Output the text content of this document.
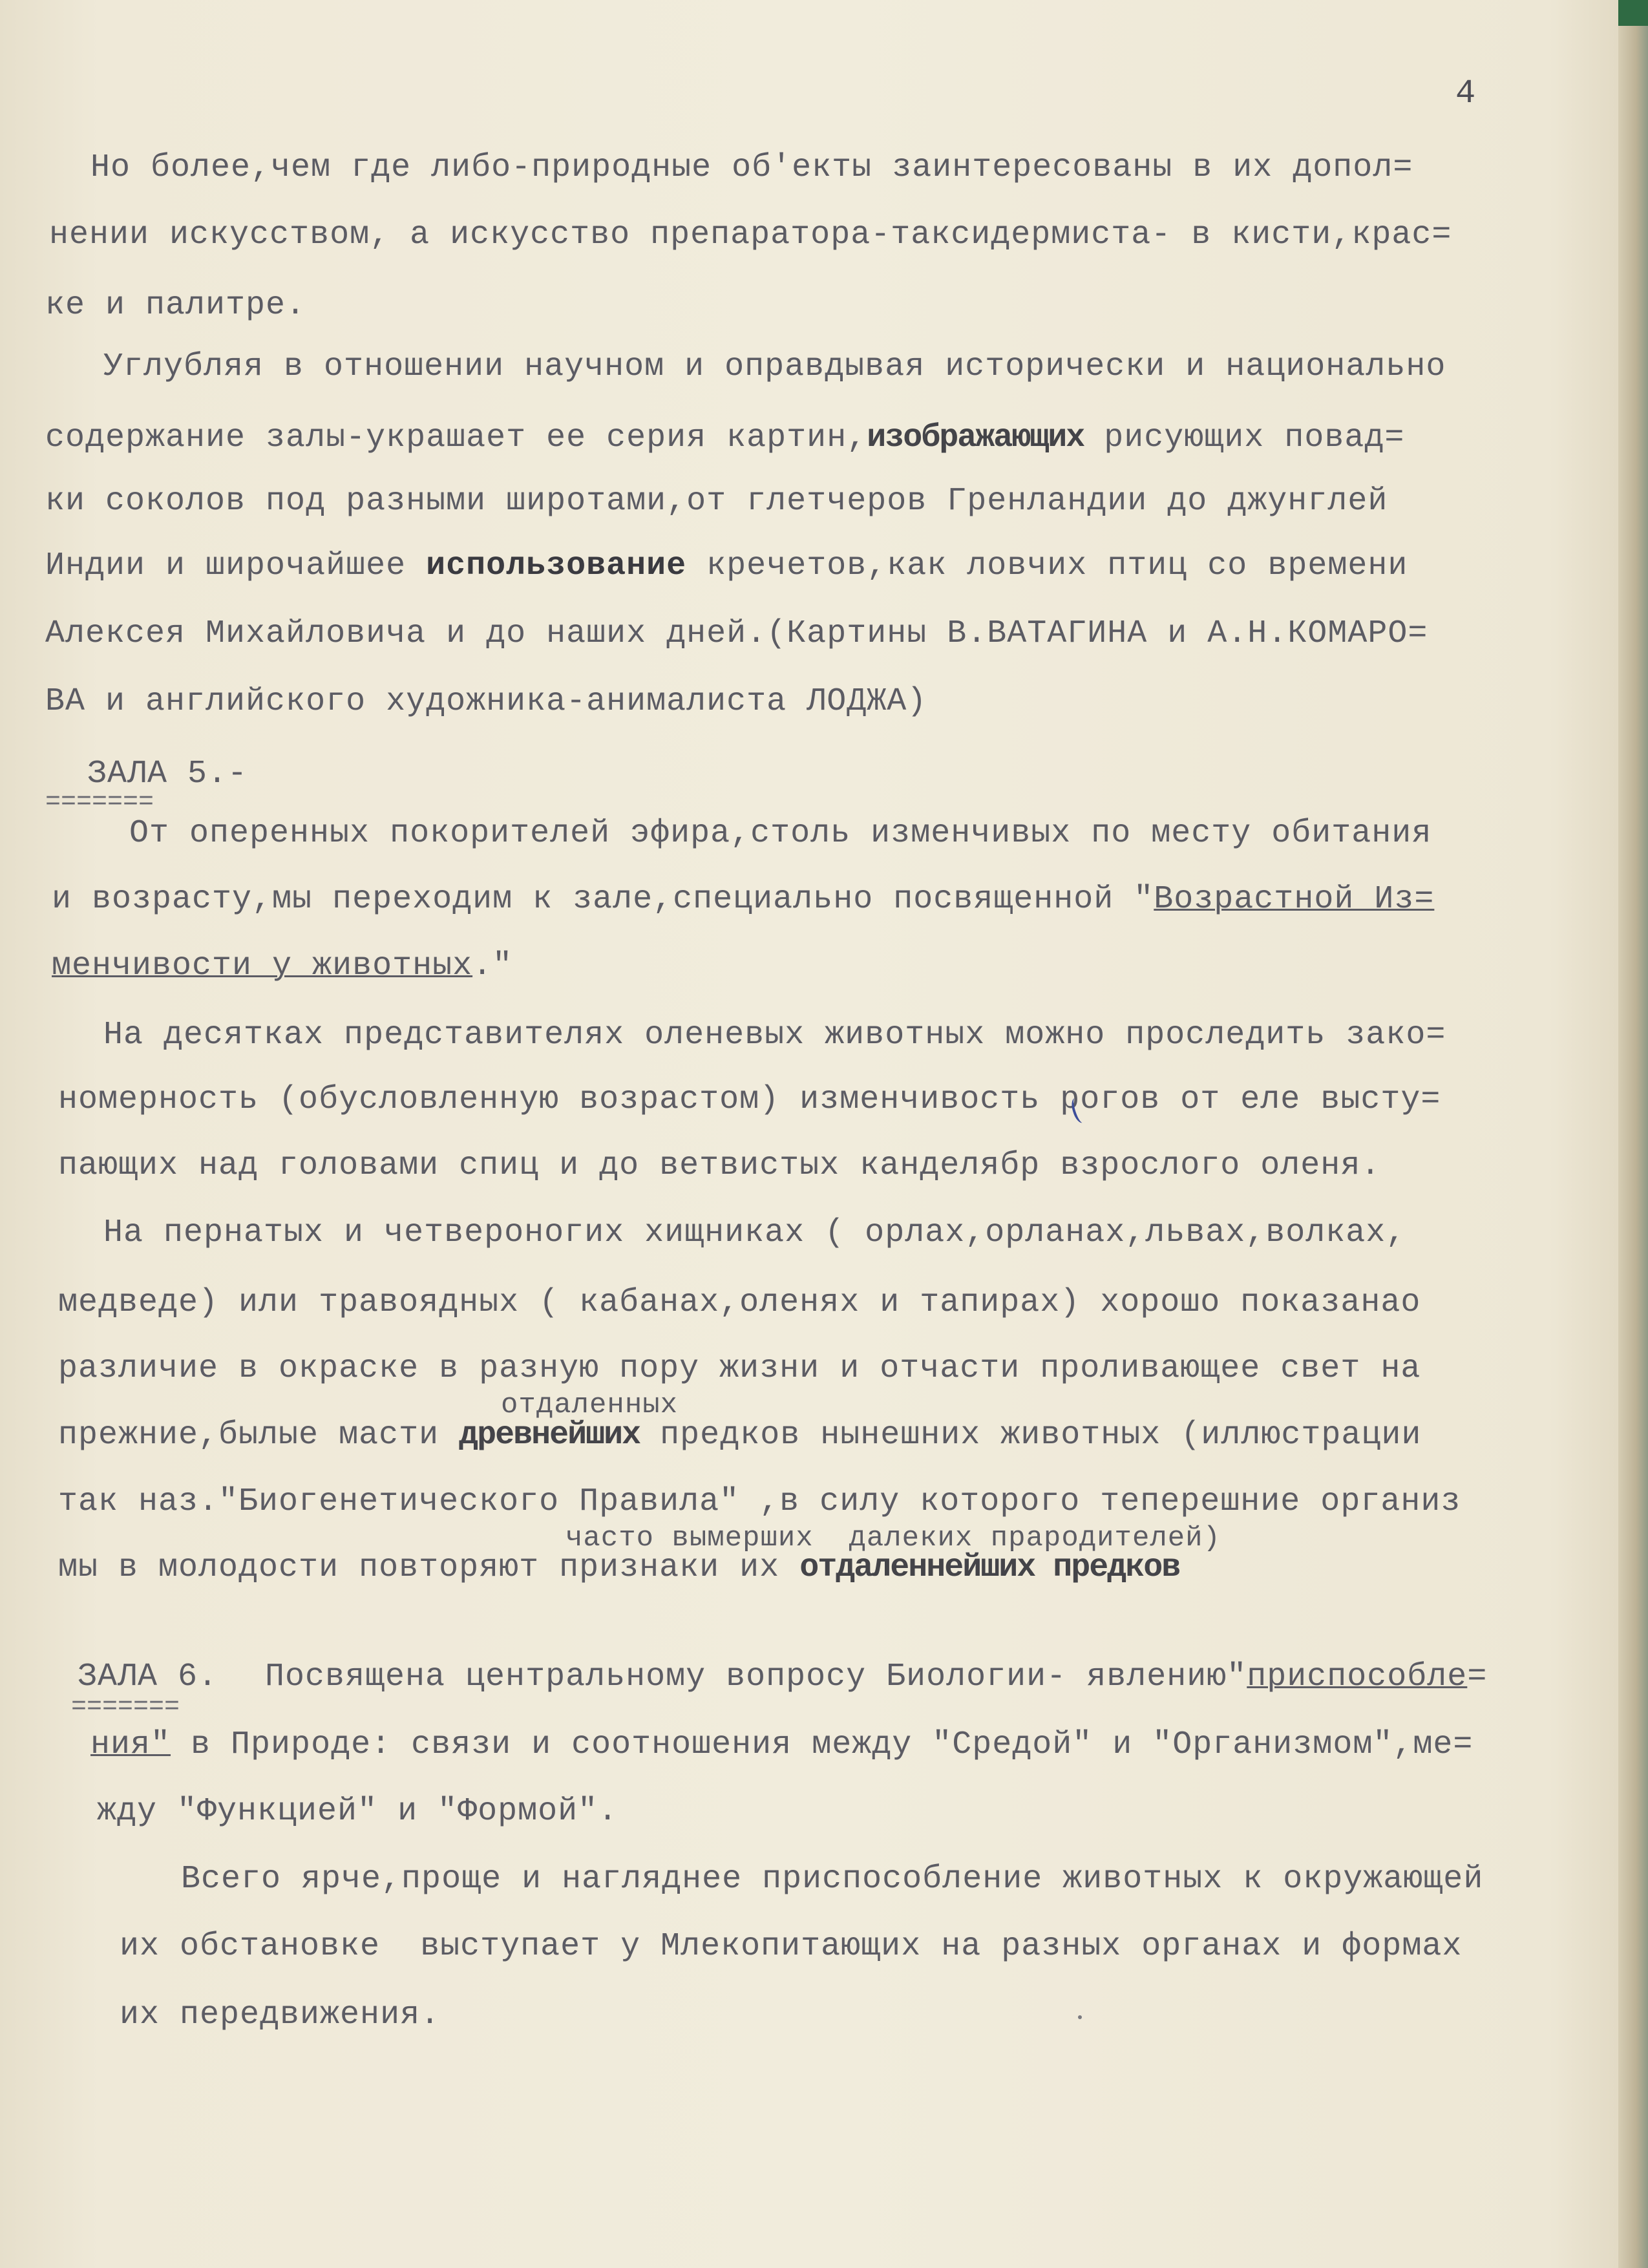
4
Но более,чем где либо-природные об'екты заинтересованы в их допол=
нении искусством, а искусство препаратора-таксидермиста- в кисти,крас=
ке и палитре.
Углубляя в отношении научном и оправдывая исторически и национально
содержание залы-украшает ее серия картин,изображающих рисующих повад=
ки соколов под разными широтами,от глетчеров Гренландии до джунглей
Индии и широчайшее использование кречетов,как ловчих птиц со времени
Алексея Михайловича и до наших дней.(Картины В.ВАТАГИНА и А.Н.КОМАРО=
ВА и английского художника-анималиста ЛОДЖА)
ЗАЛА 5.-
=======
От оперенных покорителей эфира,столь изменчивых по месту обитания
и возрасту,мы переходим к зале,специально посвященной "Возрастной Из=
менчивости у животных."
На десятках представителях оленевых животных можно проследить зако=
номерность (обусловленную возрастом) изменчивость рогов от еле высту=
пающих над головами спиц и до ветвистых канделябр взрослого оленя.
На пернатых и четвероногих хищниках ( орлах,орланах,львах,волках,
медведе) или травоядных ( кабанах,оленях и тапирах) хорошо показанао
различие в окраске в разную пору жизни и отчасти проливающее свет на
отдаленных
прежние,былые масти древнейших предков нынешних животных (иллюстрации
так наз."Биогенетического Правила" ,в силу которого теперешние организ
часто вымерших  далеких прародителей)
мы в молодости повторяют признаки их отдаленнейших предков
ЗАЛА 6.
=======
Посвящена центральному вопросу Биологии- явлению"приспособле=
ния" в Природе: связи и соотношения между "Средой" и "Организмом",ме=
жду "Функцией" и "Формой".
Всего ярче,проще и нагляднее приспособление животных к окружающей
их обстановке  выступает у Млекопитающих на разных органах и формах
их передвижения.
